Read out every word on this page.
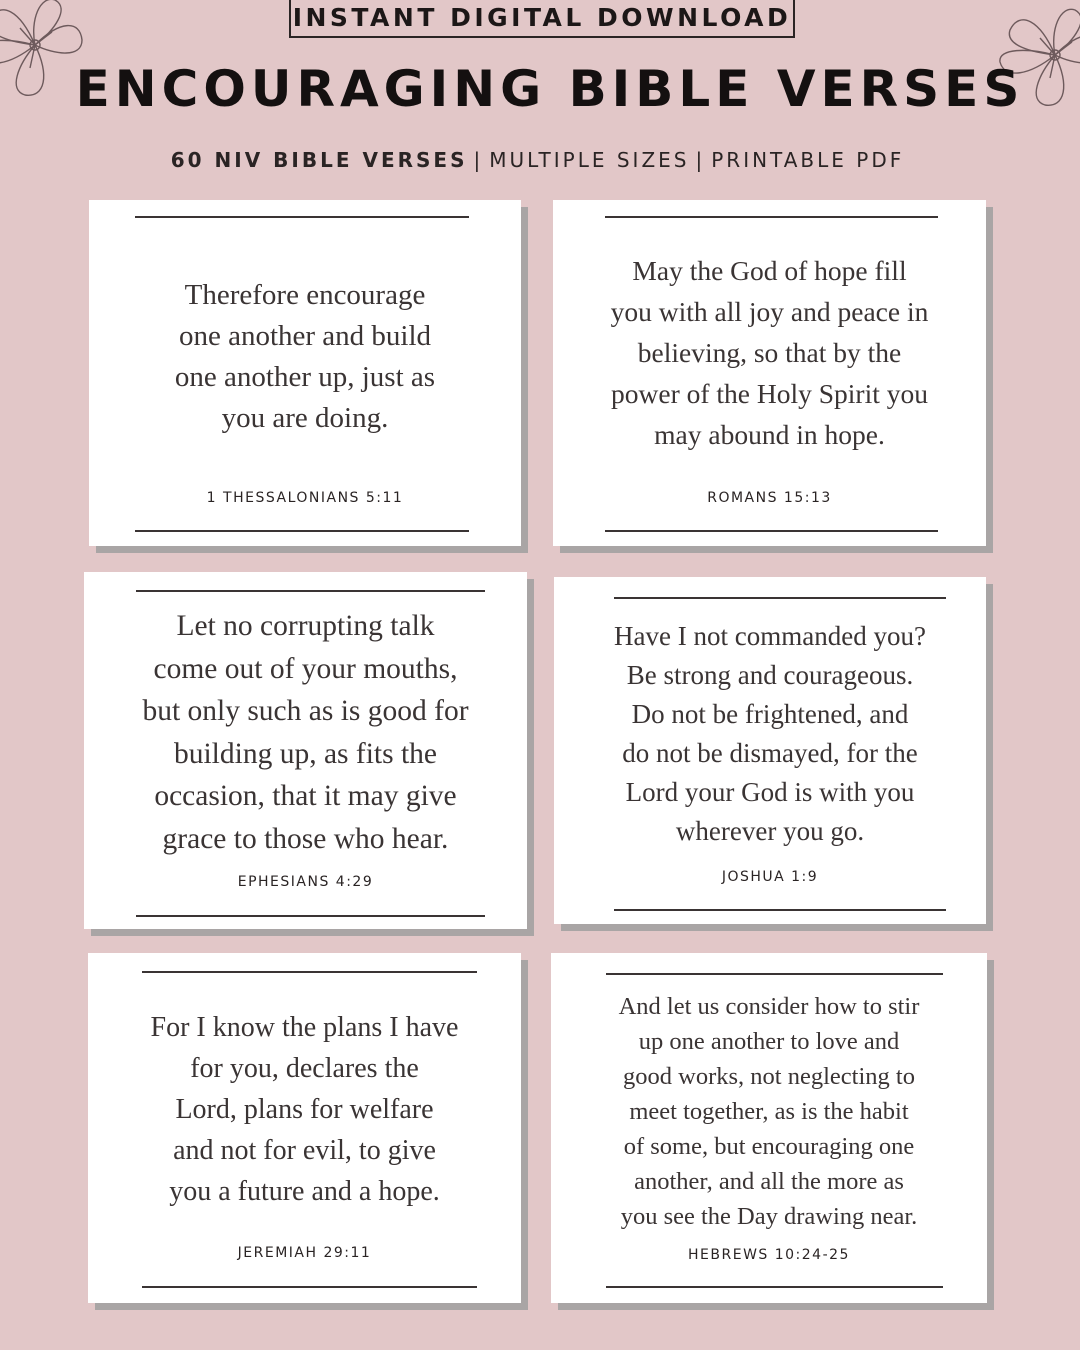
INSTANT DIGITAL DOWNLOAD
ENCOURAGING BIBLE VERSES
60 NIV BIBLE VERSES | MULTIPLE SIZES | PRINTABLE PDF
Therefore encourage
one another and build
one another up, just as
you are doing.
1 THESSALONIANS 5:11
May the God of hope fill
you with all joy and peace in
believing, so that by the
power of the Holy Spirit you
may abound in hope.
ROMANS 15:13
Let no corrupting talk
come out of your mouths,
but only such as is good for
building up, as fits the
occasion, that it may give
grace to those who hear.
EPHESIANS 4:29
Have I not commanded you?
Be strong and courageous.
Do not be frightened, and
do not be dismayed, for the
Lord your God is with you
wherever you go.
JOSHUA 1:9
For I know the plans I have
for you, declares the
Lord, plans for welfare
and not for evil, to give
you a future and a hope.
JEREMIAH 29:11
And let us consider how to stir
up one another to love and
good works, not neglecting to
meet together, as is the habit
of some, but encouraging one
another, and all the more as
you see the Day drawing near.
HEBREWS 10:24-25
